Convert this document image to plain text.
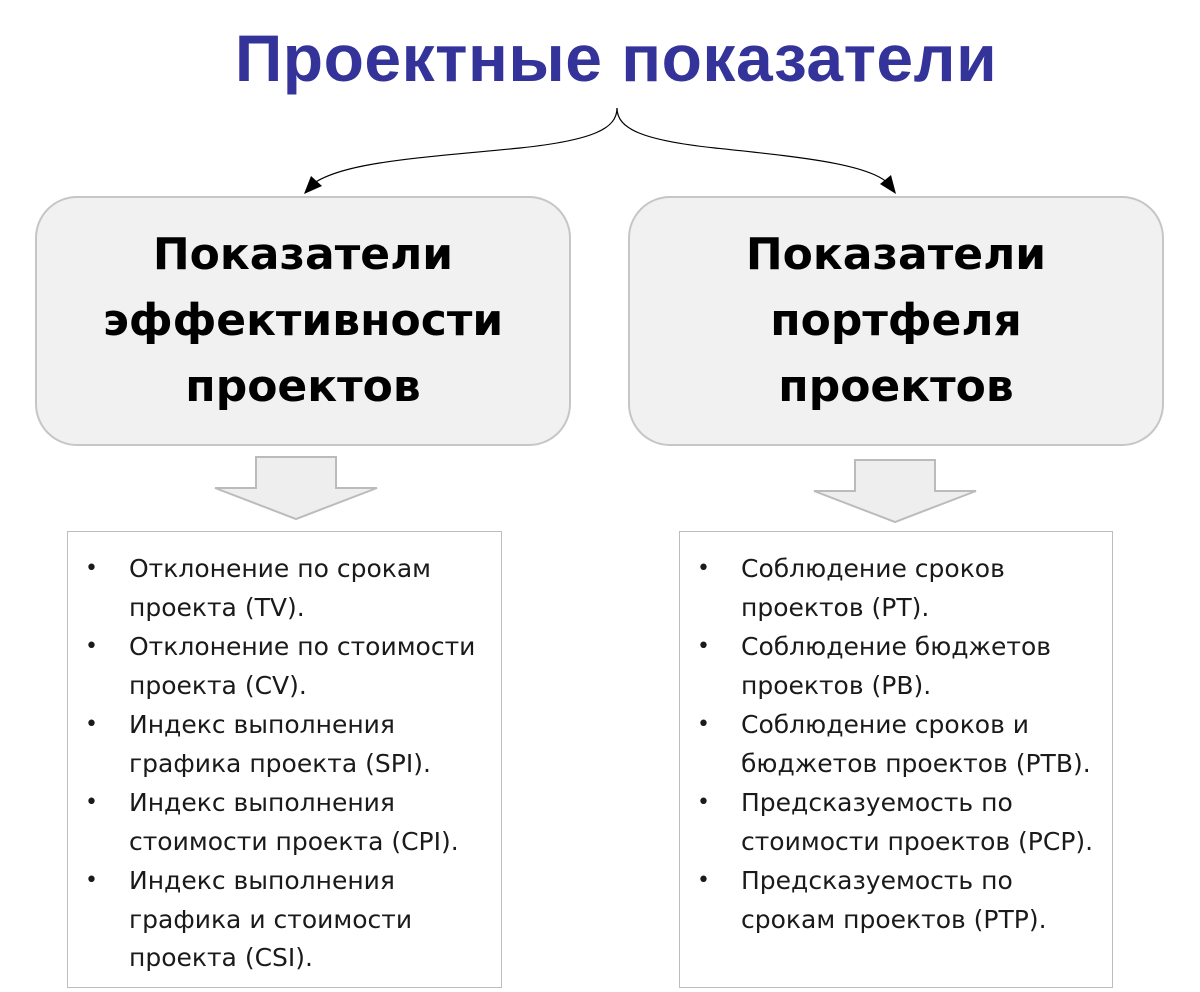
Проектные показатели
Показатели эффективности проектов
Показатели портфеля проектов
• Отклонение по срокам проекта (TV).
• Отклонение по стоимости проекта (CV).
• Индекс выполнения графика проекта (SPI).
• Индекс выполнения стоимости проекта (CPI).
• Индекс выполнения графика и стоимости проекта (CSI).
• Соблюдение сроков проектов (PT).
• Соблюдение бюджетов проектов (PB).
• Соблюдение сроков и бюджетов проектов (PTB).
• Предсказуемость по стоимости проектов (PCP).
• Предсказуемость по срокам проектов (PTP).
